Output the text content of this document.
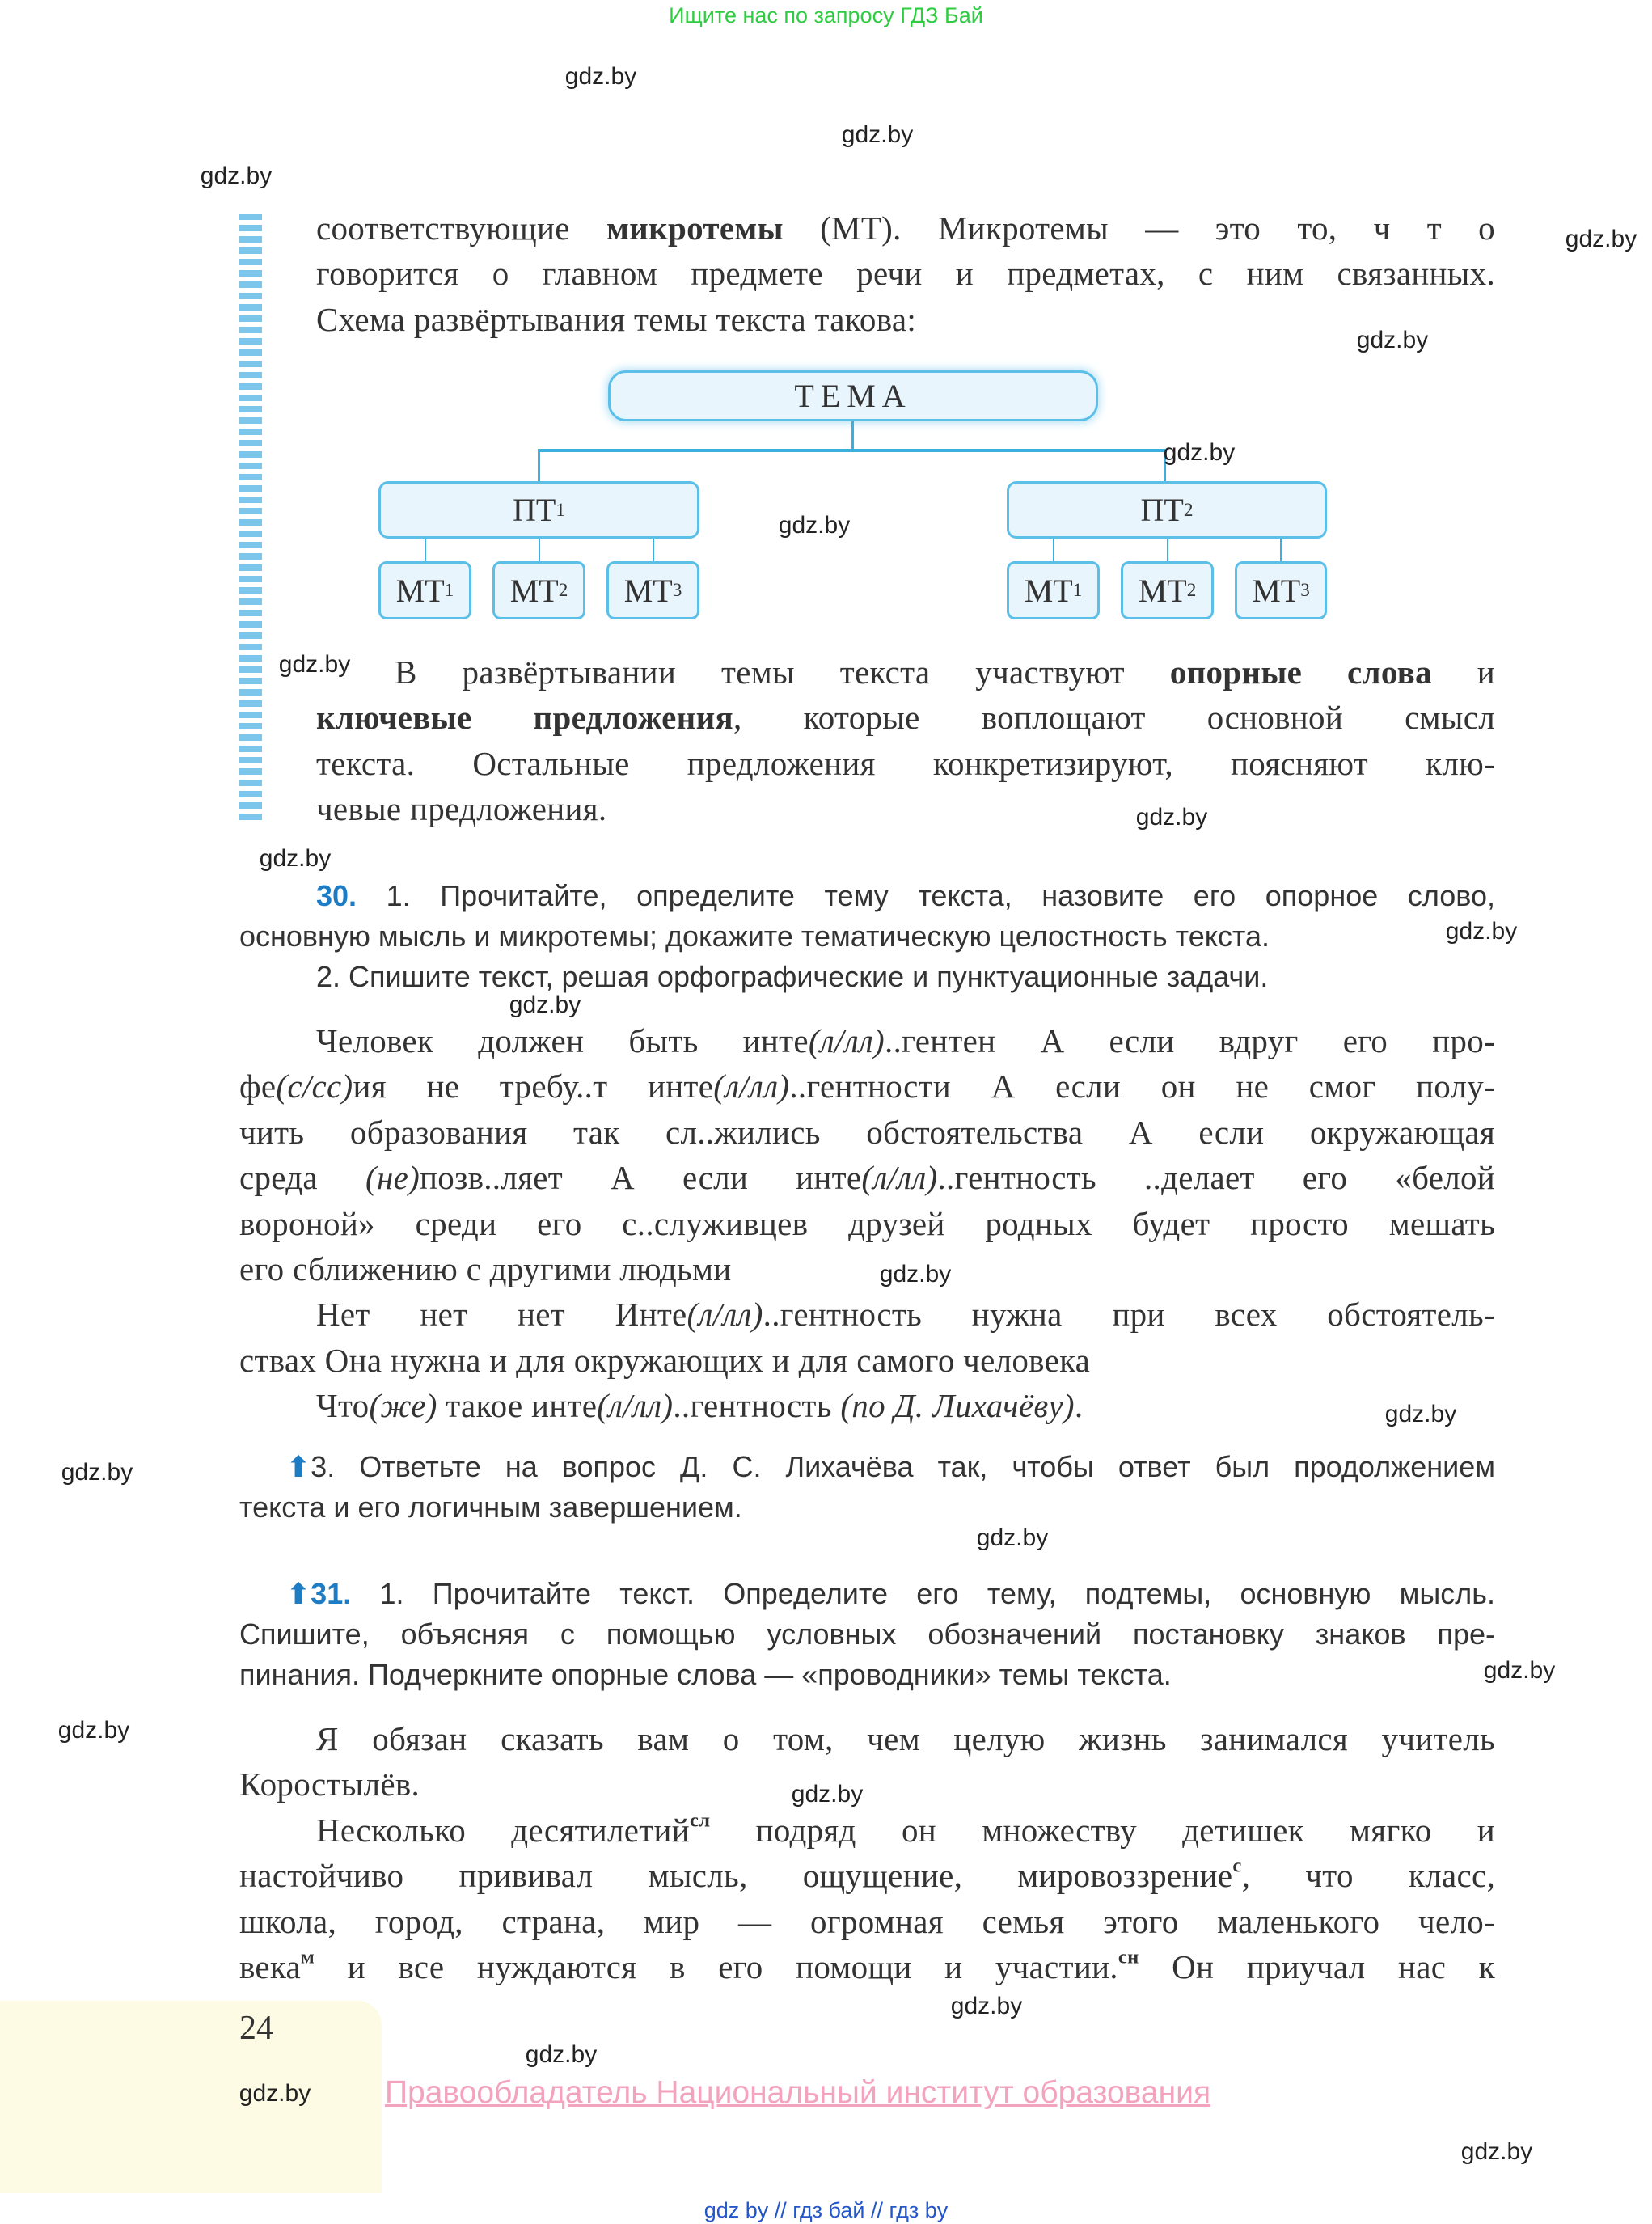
Ищите нас по запросу ГДЗ Бай
ТЕМА
ПТ 1
МТ 1 МТ 2 МТ 3
ПТ 2
МТ 1 МТ 2 МТ 3
соответствующие микротемы (МТ). Микротемы — это то, ч т о
говорится о главном предмете речи и предметах, с ним связанных.
Схема развёртывания темы текста такова:
В развёртывании темы текста участвуют опорные слова и
ключевые предложения, которые воплощают основной смысл
текста. Остальные предложения конкретизируют, поясняют клю-
чевые предложения.
30. 1. Прочитайте, определите тему текста, назовите его опорное слово,
основную мысль и микротемы; докажите тематическую целостность текста.
2. Спишите текст, решая орфографические и пунктуационные задачи.
Человек должен быть инте(л/лл)..гентен А если вдруг его про-
фе(с/сс)ия не требу..т инте(л/лл)..гентности А если он не смог полу-
чить образования так сл..жились обстоятельства А если окружающая
среда (не)позв..ляет А если инте(л/лл)..гентность ..делает его «белой
вороной» среди его с..служивцев друзей родных будет просто мешать
его сближению с другими людьми
Нет нет нет Инте(л/лл)..гентность нужна при всех обстоятель-
ствах Она нужна и для окружающих и для самого человека
Что(же) такое инте(л/лл)..гентность (по Д. Лихачёву).
⬆3. Ответьте на вопрос Д. С. Лихачёва так, чтобы ответ был продолжением
текста и его логичным завершением.
⬆31. 1. Прочитайте текст. Определите его тему, подтемы, основную мысль.
Спишите, объясняя с помощью условных обозначений постановку знаков пре-
пинания. Подчеркните опорные слова — «проводники» темы текста.
Я обязан сказать вам о том, чем целую жизнь занимался учитель
Коростылёв.
Несколько десятилетий$^{сл}$ подряд он множеству детишек мягко и
настойчиво прививал мысль, ощущение, мировоззрение$^с$, что класс,
школа, город, страна, мир — огромная семья этого маленького чело-
века$^м$ и все нуждаются в его помощи и участии.$^{сн}$ Он приучал нас к
24
Правообладатель Национальный институт образования
gdz by // гдз бай // гдз by
gdz.by
gdz.by
gdz.by
gdz.by
gdz.by
gdz.by
gdz.by
gdz.by
gdz.by
gdz.by
gdz.by
gdz.by
gdz.by
gdz.by
gdz.by
gdz.by
gdz.by
gdz.by
gdz.by
gdz.by
gdz.by
gdz.by
gdz.by
